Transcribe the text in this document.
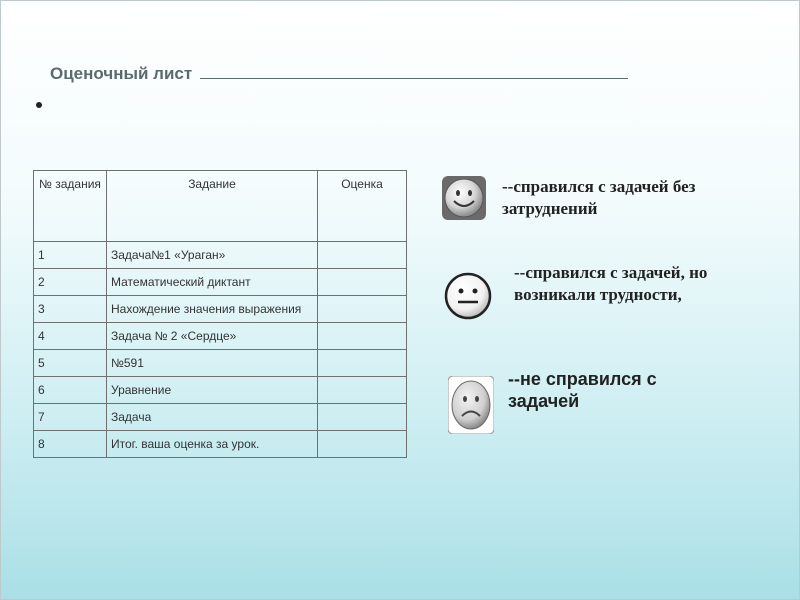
Оценочный лист
№ задания	Задание	Оценка
1	Задача№1 «Ураган»	
2	Математический диктант	
3	Нахождение значения выражения	
4	Задача № 2 «Сердце»	
5	№591	
6	Уравнение	
7	Задача	
8	Итог. ваша оценка за урок.	
--справился с задачей без затруднений
--справился с задачей, но возникали трудности,
--не справился с задачей
